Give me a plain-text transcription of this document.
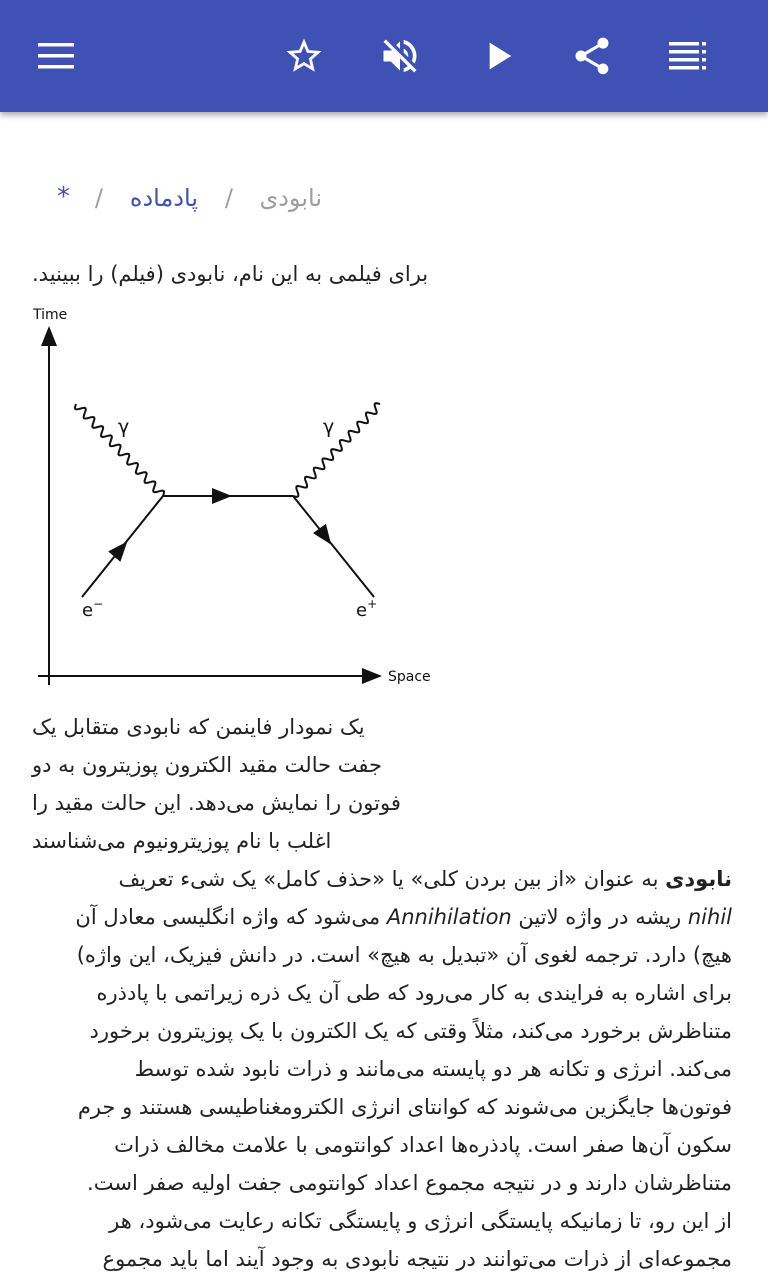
نابودی
/
پادماده
/
*
برای فیلمی به این نام، نابودی (فیلم) را ببینید.
Time
Space
γ	γ
e−	e+
یک نمودار فاینمن که نابودی متقابل یک
جفت حالت مقید الکترون پوزیترون به دو
فوتون را نمایش می‌دهد. این حالت مقید را
اغلب با نام پوزیترونیوم می‌شناسند
نابودی به عنوان «از بین بردن کلی» یا «حذف کامل» یک شیء تعریف
nihil ریشه در واژه لاتین Annihilation می‌شود که واژه انگلیسی معادل آن
هیچ) دارد. ترجمه لغوی آن «تبدیل به هیچ» است. در دانش فیزیک، این واژه)
برای اشاره به فرایندی به کار می‌رود که طی آن یک ذره زیراتمی با پادذره
متناظرش برخورد می‌کند، مثلاً وقتی که یک الکترون با یک پوزیترون برخورد
می‌کند. انرژی و تکانه هر دو پایسته می‌مانند و ذرات نابود شده توسط
فوتون‌ها جایگزین می‌شوند که کوانتای انرژی الکترومغناطیسی هستند و جرم
سکون آن‌ها صفر است. پادذره‌ها اعداد کوانتومی با علامت مخالف ذرات
متناظرشان دارند و در نتیجه مجموع اعداد کوانتومی جفت اولیه صفر است.
از این رو، تا زمانیکه پایستگی انرژی و پایستگی تکانه رعایت می‌شود، هر
مجموعه‌ای از ذرات می‌توانند در نتیجه نابودی به وجود آیند اما باید مجموع
